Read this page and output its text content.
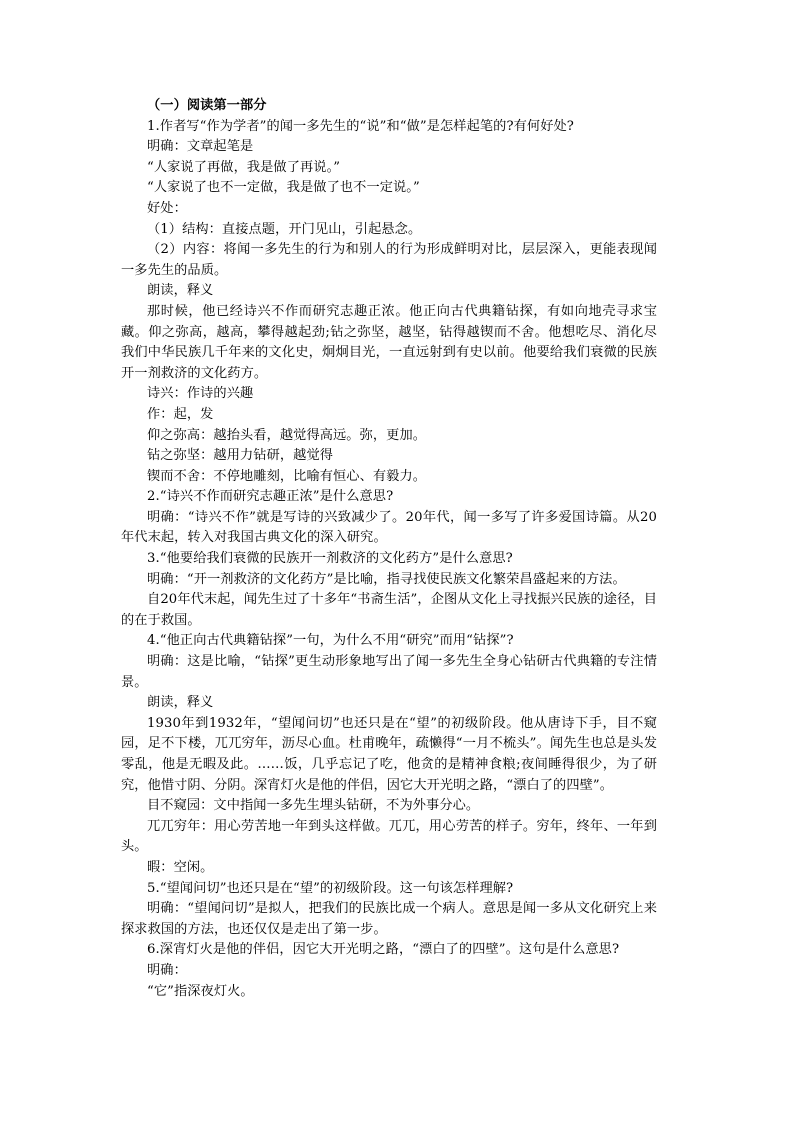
（一）阅读第一部分

1.作者写“作为学者”的闻一多先生的“说”和“做”是怎样起笔的?有何好处?

明确：文章起笔是

“人家说了再做，我是做了再说。”

“人家说了也不一定做，我是做了也不一定说。”

好处：

（1）结构：直接点题，开门见山，引起悬念。

（2）内容：将闻一多先生的行为和别人的行为形成鲜明对比，层层深入，更能表现闻一多先生的品质。

朗读，释义

那时候，他已经诗兴不作而研究志趣正浓。他正向古代典籍钻探，有如向地壳寻求宝藏。仰之弥高，越高，攀得越起劲;钻之弥坚，越坚，钻得越锲而不舍。他想吃尽、消化尽我们中华民族几千年来的文化史，炯炯目光，一直远射到有史以前。他要给我们衰微的民族开一剂救济的文化药方。

诗兴：作诗的兴趣

作：起，发

仰之弥高：越抬头看，越觉得高远。弥，更加。

钻之弥坚：越用力钻研，越觉得

锲而不舍：不停地雕刻，比喻有恒心、有毅力。

2.“诗兴不作而研究志趣正浓”是什么意思?

明确：“诗兴不作”就是写诗的兴致减少了。20年代，闻一多写了许多爱国诗篇。从20年代末起，转入对我国古典文化的深入研究。

3.“他要给我们衰微的民族开一剂救济的文化药方”是什么意思?

明确：“开一剂救济的文化药方”是比喻，指寻找使民族文化繁荣昌盛起来的方法。

自20年代末起，闻先生过了十多年“书斋生活”，企图从文化上寻找振兴民族的途径，目的在于救国。

4.“他正向古代典籍钻探”一句，为什么不用“研究”而用“钻探”?

明确：这是比喻，“钻探”更生动形象地写出了闻一多先生全身心钻研古代典籍的专注情景。

朗读，释义

1930年到1932年，“望闻问切”也还只是在“望”的初级阶段。他从唐诗下手，目不窥园，足不下楼，兀兀穷年，沥尽心血。杜甫晚年，疏懒得“一月不梳头”。闻先生也总是头发零乱，他是无暇及此。……饭，几乎忘记了吃，他贪的是精神食粮;夜间睡得很少，为了研究，他惜寸阴、分阴。深宵灯火是他的伴侣，因它大开光明之路，“漂白了的四壁”。

目不窥园：文中指闻一多先生埋头钻研，不为外事分心。

兀兀穷年：用心劳苦地一年到头这样做。兀兀，用心劳苦的样子。穷年，终年、一年到头。

暇：空闲。

5.“望闻问切”也还只是在“望”的初级阶段。这一句该怎样理解?

明确：“望闻问切”是拟人，把我们的民族比成一个病人。意思是闻一多从文化研究上来探求救国的方法，也还仅仅是走出了第一步。

6.深宵灯火是他的伴侣，因它大开光明之路，“漂白了的四壁”。这句是什么意思?

明确：

“它”指深夜灯火。
